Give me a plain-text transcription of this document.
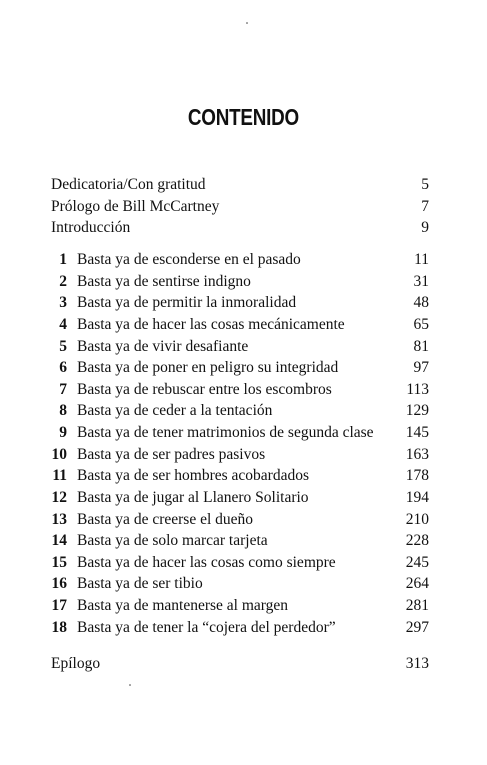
CONTENIDO
Dedicatoria/Con gratitud	5
Prólogo de Bill McCartney	7
Introducción	9
1 Basta ya de esconderse en el pasado	11
2 Basta ya de sentirse indigno	31
3 Basta ya de permitir la inmoralidad	48
4 Basta ya de hacer las cosas mecánicamente	65
5 Basta ya de vivir desafiante	81
6 Basta ya de poner en peligro su integridad	97
7 Basta ya de rebuscar entre los escombros	113
8 Basta ya de ceder a la tentación	129
9 Basta ya de tener matrimonios de segunda clase 145
10 Basta ya de ser padres pasivos	163
11 Basta ya de ser hombres acobardados	178
12 Basta ya de jugar al Llanero Solitario	194
13 Basta ya de creerse el dueño	210
14 Basta ya de solo marcar tarjeta	228
15 Basta ya de hacer las cosas como siempre	245
16 Basta ya de ser tibio	264
17 Basta ya de mantenerse al margen	281
18 Basta ya de tener la “cojera del perdedor”	297
Epílogo	313
